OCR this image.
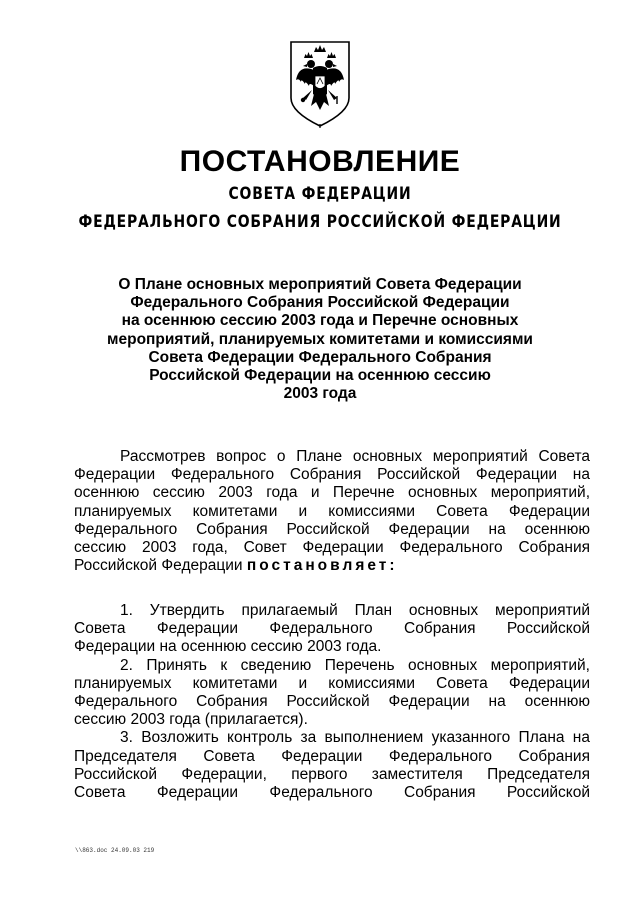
ПОСТАНОВЛЕНИЕ
СОВЕТА ФЕДЕРАЦИИ
ФЕДЕРАЛЬНОГО СОБРАНИЯ РОССИЙСКОЙ ФЕДЕРАЦИИ
О Плане основных мероприятий Совета Федерации
Федерального Собрания Российской Федерации
на осеннюю сессию 2003 года и Перечне основных
мероприятий, планируемых комитетами и комиссиями
Совета Федерации Федерального Собрания
Российской Федерации на осеннюю сессию
2003 года
Рассмотрев вопрос о Плане основных мероприятий Совета
Федерации Федерального Собрания Российской Федерации на
осеннюю сессию 2003 года и Перечне основных мероприятий,
планируемых комитетами и комиссиями Совета Федерации
Федерального Собрания Российской Федерации на осеннюю
сессию 2003 года, Совет Федерации Федерального Собрания
Российской Федерации постановляет:
1. Утвердить прилагаемый План основных мероприятий
Совета Федерации Федерального Собрания Российской
Федерации на осеннюю сессию 2003 года.
2. Принять к сведению Перечень основных мероприятий,
планируемых комитетами и комиссиями Совета Федерации
Федерального Собрания Российской Федерации на осеннюю
сессию 2003 года (прилагается).
3. Возложить контроль за выполнением указанного Плана на
Председателя Совета Федерации Федерального Собрания
Российской Федерации, первого заместителя Председателя
Совета Федерации Федерального Собрания Российской
\\863.doc 24.09.03 219
